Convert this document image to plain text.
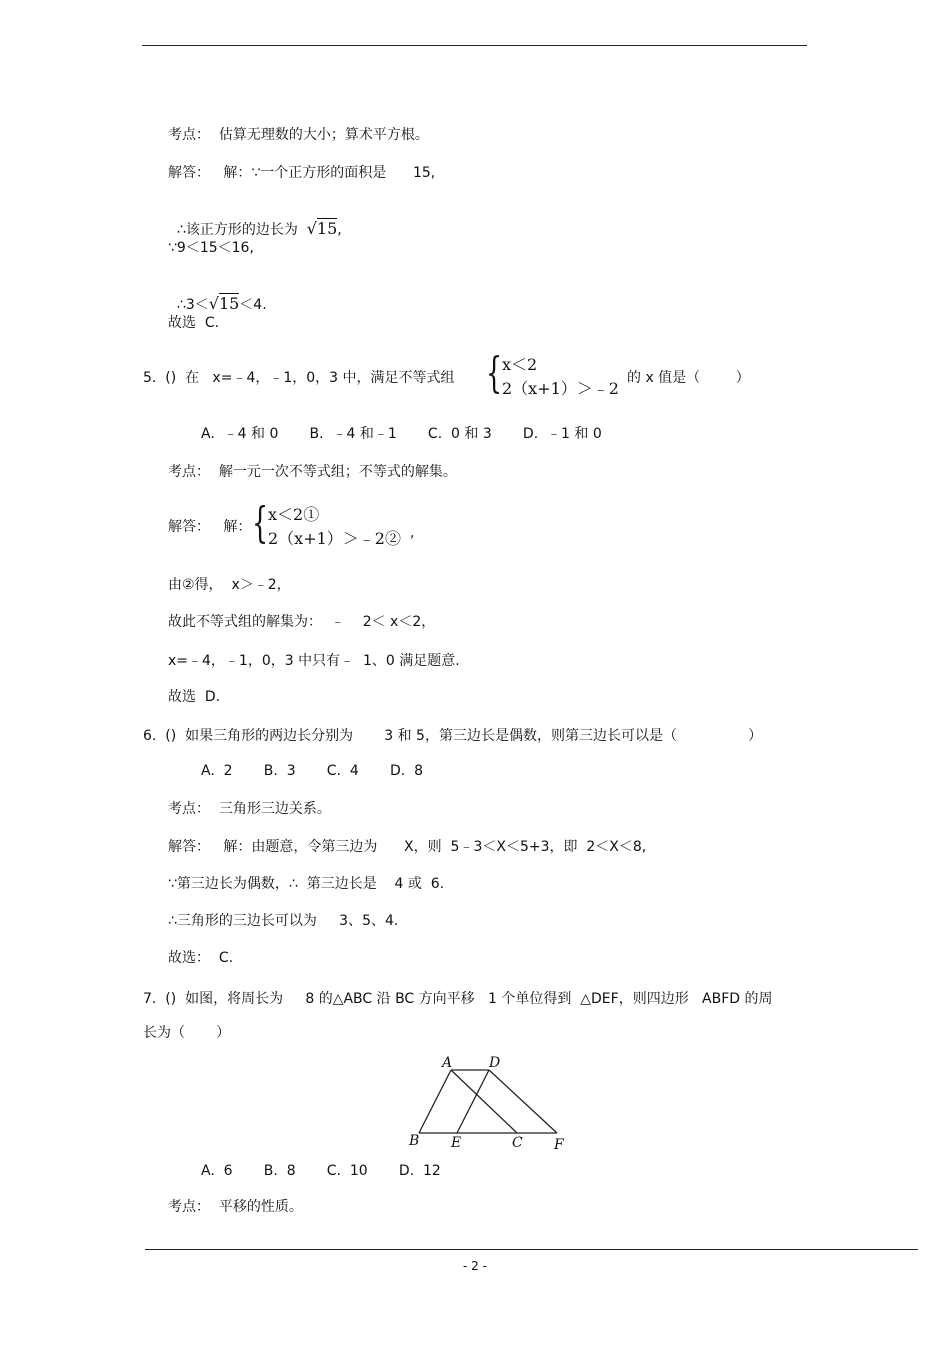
考点：  估算无理数的大小；算术平方根。
解答：   解：∵一个正方形的面积是      15,

∴该正方形的边长为  √15,

∵9＜15＜16,

∴3＜√15＜4.

故选  C.
5.  ()  在   x=﹣4，﹣1，0，3 中，满足不等式组 { x＜2
2（x+1）＞﹣2
的 x 值是（        ）
A.  ﹣4 和 0       B.  ﹣4 和﹣1       C.  0 和 3       D.  ﹣1 和 0
考点：  解一元一次不等式组；不等式的解集。
解答：   解： { x＜2①
2（x+1）＞﹣2② ,
由②得，  x＞﹣2，
故此不等式组的解集为：  ﹣    2＜ x＜2，
x=﹣4，﹣1，0，3 中只有﹣  1、0 满足题意.
故选  D.
6.  ()  如果三角形的两边长分别为       3 和 5，第三边长是偶数，则第三边长可以是（                ）
A.  2       B.  3       C.  4       D.  8
考点：  三角形三边关系。
解答：   解：由题意，令第三边为      X，则  5﹣3＜X＜5+3，即  2＜X＜8,
∵第三边长为偶数，∴  第三边长是    4 或  6.
∴三角形的三边长可以为     3、5、4.
故选：  C.
7.  ()  如图，将周长为     8 的△ABC 沿 BC 方向平移   1 个单位得到  △DEF，则四边形   ABFD 的周
长为（       ）
A	D
B E	C F
A.  6       B.  8       C.  10       D.  12
考点：  平移的性质。
- 2 -
